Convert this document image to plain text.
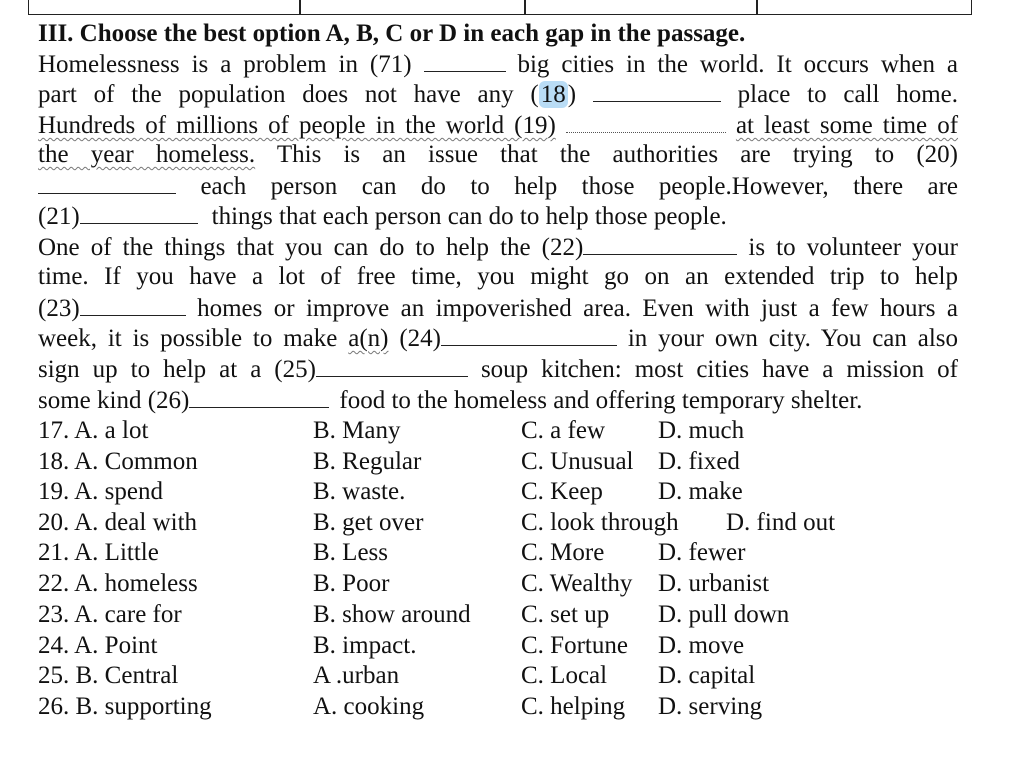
III. Choose the best option A, B, C or D in each gap in the passage.
Homelessness is a problem in (71)	big cities in the world. It occurs when a
part of the population does not have any (18)	place to call home.
Hundreds of millions of people in the world (19)	at least some time of
the year homeless. This is an issue that the authorities are trying to (20)
each person can do to help those people.However, there are
(21)	things that each person can do to help those people.
One of the things that you can do to help the (22)	is to volunteer your
time. If you have a lot of free time, you might go on an extended trip to help
(23)	homes or improve an impoverished area. Even with just a few hours a
week, it is possible to make a(n) (24)	in your own city. You can also
sign up to help at a (25)	soup kitchen: most cities have a mission of
some kind (26)	food to the homeless and offering temporary shelter.
17. A. a lot	B. Many	C. a few D. much
18. A. Common	B. Regular	C. Unusual D. fixed
19. A. spend	B. waste.	C. Keep D. make
20. A. deal with	B. get over	C. look through D. find out
21. A. Little	B. Less	C. More D. fewer
22. A. homeless	B. Poor	C. Wealthy D. urbanist
23. A. care for	B. show around C. set up D. pull down
24. A. Point	B. impact.	C. Fortune D. move
25. B. Central	A .urban	C. Local D. capital
26. B. supporting	A. cooking	C. helping D. serving
